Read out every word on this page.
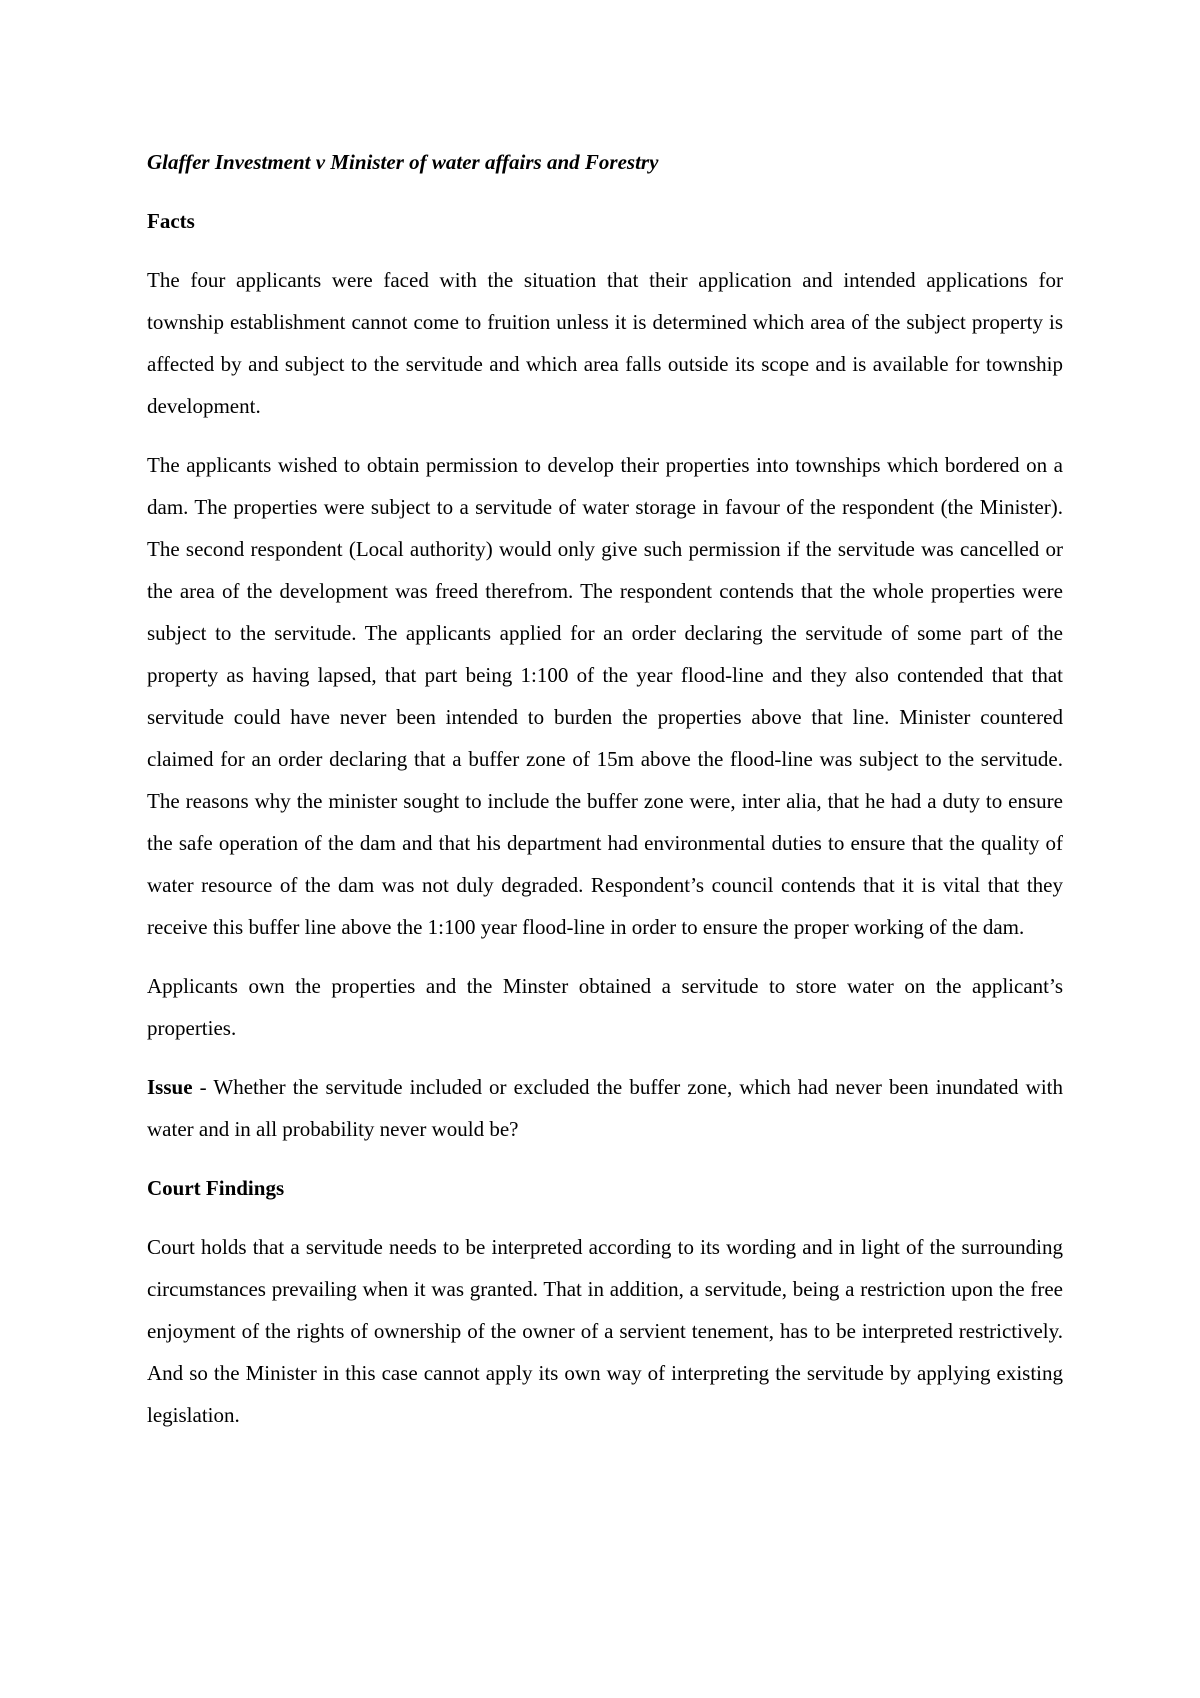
Glaffer Investment v Minister of water affairs and Forestry

Facts

The four applicants were faced with the situation that their application and intended applications for township establishment cannot come to fruition unless it is determined which area of the subject property is affected by and subject to the servitude and which area falls outside its scope and is available for township development.

The applicants wished to obtain permission to develop their properties into townships which bordered on a dam. The properties were subject to a servitude of water storage in favour of the respondent (the Minister). The second respondent (Local authority) would only give such permission if the servitude was cancelled or the area of the development was freed therefrom. The respondent contends that the whole properties were subject to the servitude. The applicants applied for an order declaring the servitude of some part of the property as having lapsed, that part being 1:100 of the year flood-line and they also contended that that servitude could have never been intended to burden the properties above that line. Minister countered claimed for an order declaring that a buffer zone of 15m above the flood-line was subject to the servitude. The reasons why the minister sought to include the buffer zone were, inter alia, that he had a duty to ensure the safe operation of the dam and that his department had environmental duties to ensure that the quality of water resource of the dam was not duly degraded. Respondent’s council contends that it is vital that they receive this buffer line above the 1:100 year flood-line in order to ensure the proper working of the dam.

Applicants own the properties and the Minster obtained a servitude to store water on the applicant’s properties.

Issue - Whether the servitude included or excluded the buffer zone, which had never been inundated with water and in all probability never would be?

Court Findings

Court holds that a servitude needs to be interpreted according to its wording and in light of the surrounding circumstances prevailing when it was granted. That in addition, a servitude, being a restriction upon the free enjoyment of the rights of ownership of the owner of a servient tenement, has to be interpreted restrictively. And so the Minister in this case cannot apply its own way of interpreting the servitude by applying existing legislation.
